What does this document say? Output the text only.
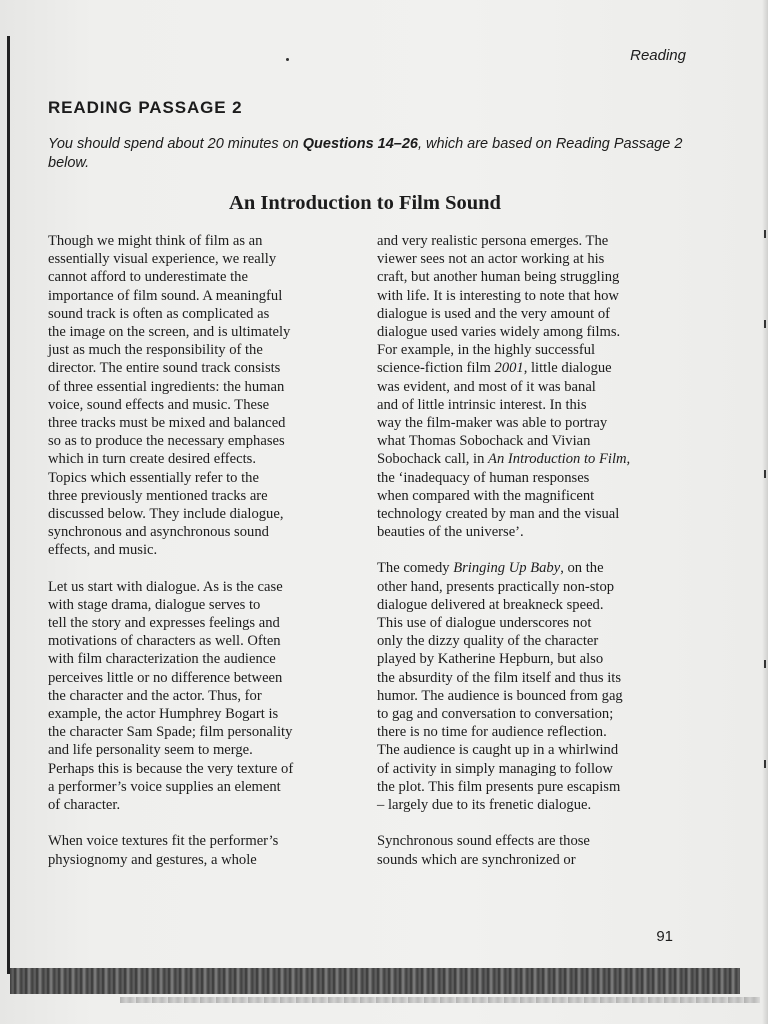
Reading
READING PASSAGE 2
You should spend about 20 minutes on Questions 14–26, which are based on Reading Passage 2 below.
An Introduction to Film Sound

Though we might think of film as an
essentially visual experience, we really
cannot afford to underestimate the
importance of film sound. A meaningful
sound track is often as complicated as
the image on the screen, and is ultimately
just as much the responsibility of the
director. The entire sound track consists
of three essential ingredients: the human
voice, sound effects and music. These
three tracks must be mixed and balanced
so as to produce the necessary emphases
which in turn create desired effects.
Topics which essentially refer to the
three previously mentioned tracks are
discussed below. They include dialogue,
synchronous and asynchronous sound
effects, and music.

Let us start with dialogue. As is the case
with stage drama, dialogue serves to
tell the story and expresses feelings and
motivations of characters as well. Often
with film characterization the audience
perceives little or no difference between
the character and the actor. Thus, for
example, the actor Humphrey Bogart is
the character Sam Spade; film personality
and life personality seem to merge.
Perhaps this is because the very texture of
a performer’s voice supplies an element
of character.

When voice textures fit the performer’s
physiognomy and gestures, a whole

and very realistic persona emerges. The
viewer sees not an actor working at his
craft, but another human being struggling
with life. It is interesting to note that how
dialogue is used and the very amount of
dialogue used varies widely among films.
For example, in the highly successful
science-fiction film 2001, little dialogue
was evident, and most of it was banal
and of little intrinsic interest. In this
way the film-maker was able to portray
what Thomas Sobochack and Vivian
Sobochack call, in An Introduction to Film,
the ‘inadequacy of human responses
when compared with the magnificent
technology created by man and the visual
beauties of the universe’.

The comedy Bringing Up Baby, on the
other hand, presents practically non-stop
dialogue delivered at breakneck speed.
This use of dialogue underscores not
only the dizzy quality of the character
played by Katherine Hepburn, but also
the absurdity of the film itself and thus its
humor. The audience is bounced from gag
to gag and conversation to conversation;
there is no time for audience reflection.
The audience is caught up in a whirlwind
of activity in simply managing to follow
the plot. This film presents pure escapism
– largely due to its frenetic dialogue.

Synchronous sound effects are those
sounds which are synchronized or

91
